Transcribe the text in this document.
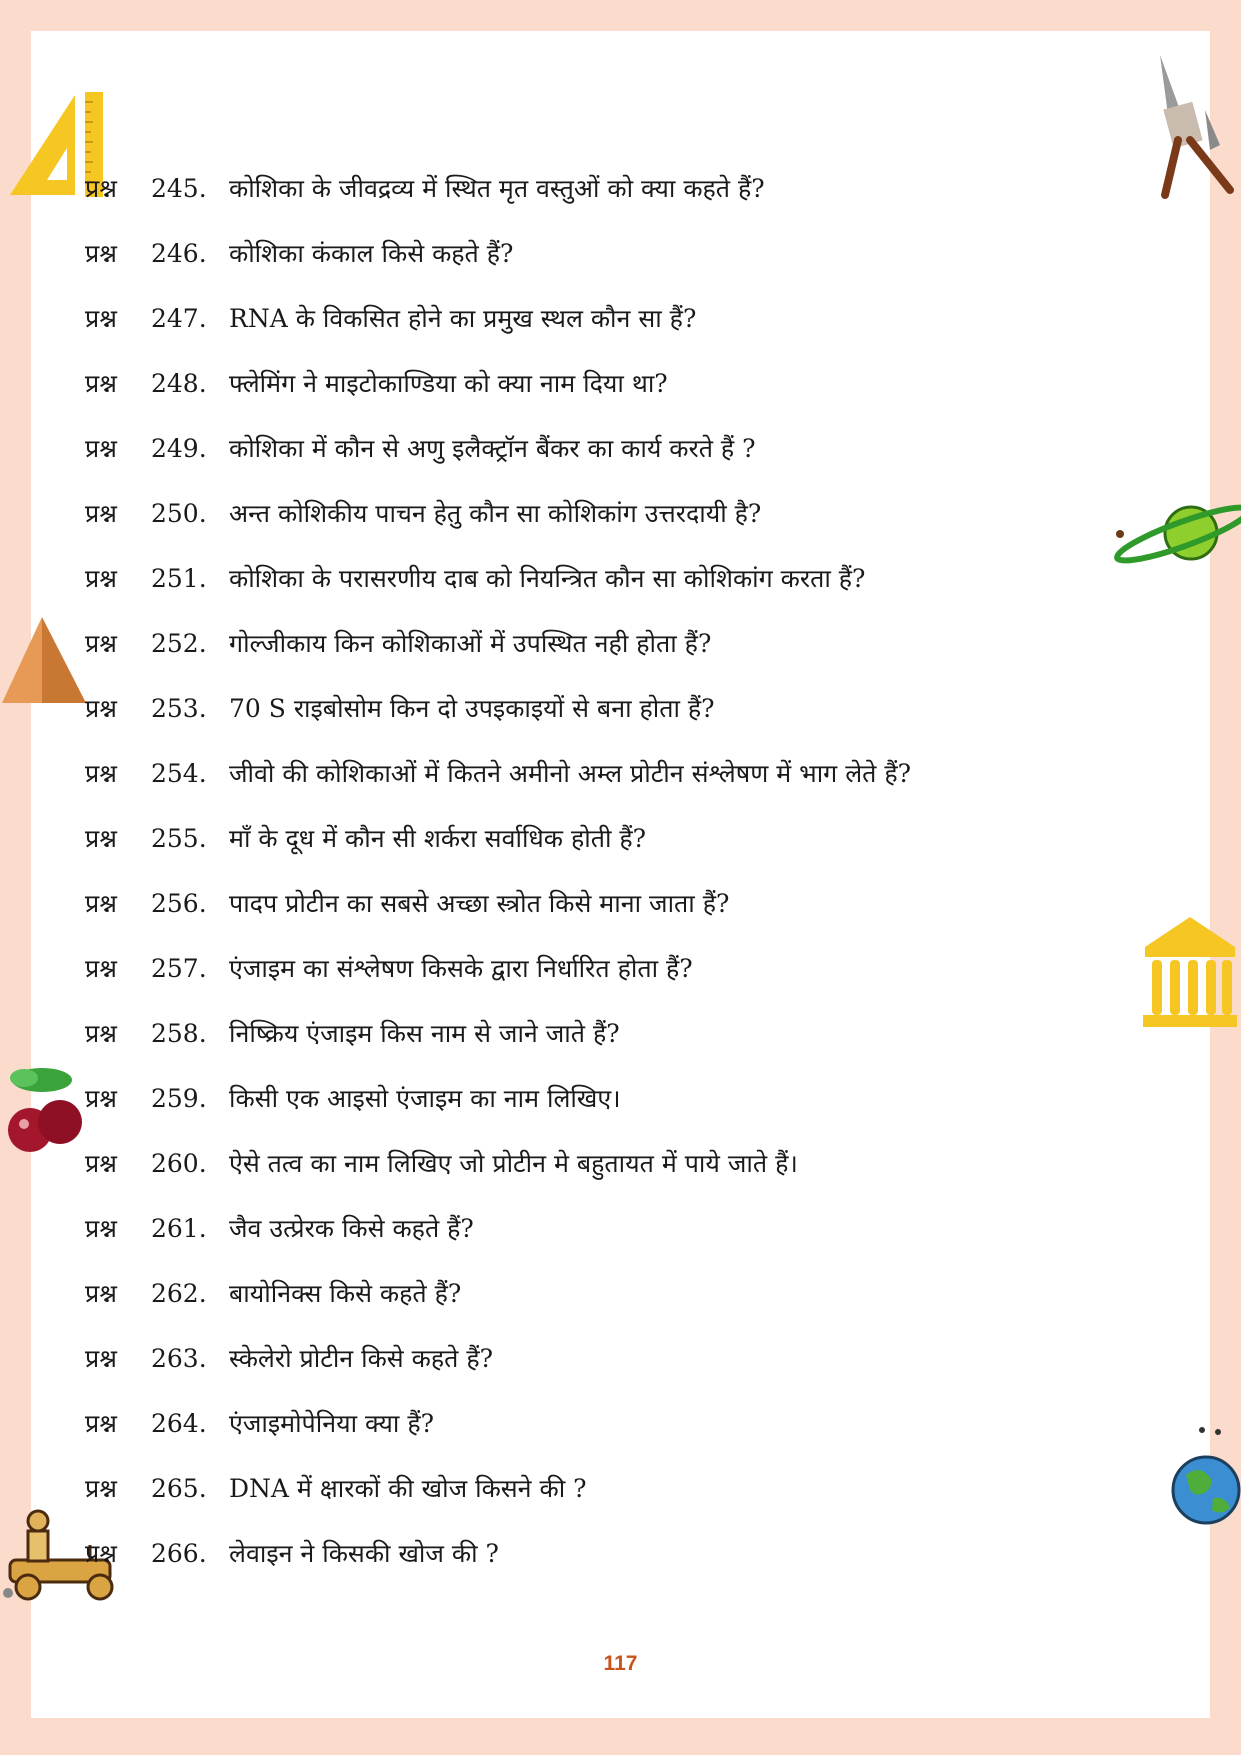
प्रश्न	245. कोशिका के जीवद्रव्य में स्थित मृत वस्तुओं को क्या कहते हैं?
प्रश्न	246. कोशिका कंकाल किसे कहते हैं?
प्रश्न	247. RNA के विकसित होने का प्रमुख स्थल कौन सा हैं?
प्रश्न	248. फ्लेमिंग ने माइटोकाण्डिया को क्या नाम दिया था?
प्रश्न	249. कोशिका में कौन से अणु इलैक्ट्रॉन बैंकर का कार्य करते हैं ?
प्रश्न	250. अन्त कोशिकीय पाचन हेतु कौन सा कोशिकांग उत्तरदायी है?
प्रश्न	251. कोशिका के परासरणीय दाब को नियन्त्रित कौन सा कोशिकांग करता हैं?
प्रश्न	252. गोल्जीकाय किन कोशिकाओं में उपस्थित नही होता हैं?
प्रश्न	253. 70 S राइबोसोम किन दो उपइकाइयों से बना होता हैं?
प्रश्न	254. जीवो की कोशिकाओं में कितने अमीनो अम्ल प्रोटीन संश्लेषण में भाग लेते हैं?
प्रश्न	255. माँ के दूध में कौन सी शर्करा सर्वाधिक होती हैं?
प्रश्न	256. पादप प्रोटीन का सबसे अच्छा स्त्रोत किसे माना जाता हैं?
प्रश्न	257. एंजाइम का संश्लेषण किसके द्वारा निर्धारित होता हैं?
प्रश्न	258. निष्क्रिय एंजाइम किस नाम से जाने जाते हैं?
प्रश्न	259. किसी एक आइसो एंजाइम का नाम लिखिए।
प्रश्न	260. ऐसे तत्व का नाम लिखिए जो प्रोटीन मे बहुतायत में पाये जाते हैं।
प्रश्न	261. जैव उत्प्रेरक किसे कहते हैं?
प्रश्न	262. बायोनिक्स किसे कहते हैं?
प्रश्न	263. स्केलेरो प्रोटीन किसे कहते हैं?
प्रश्न	264. एंजाइमोपेनिया क्या हैं?
प्रश्न	265. DNA में क्षारकों की खोज किसने की ?
प्रश्न	266. लेवाइन ने किसकी खोज की ?
117
